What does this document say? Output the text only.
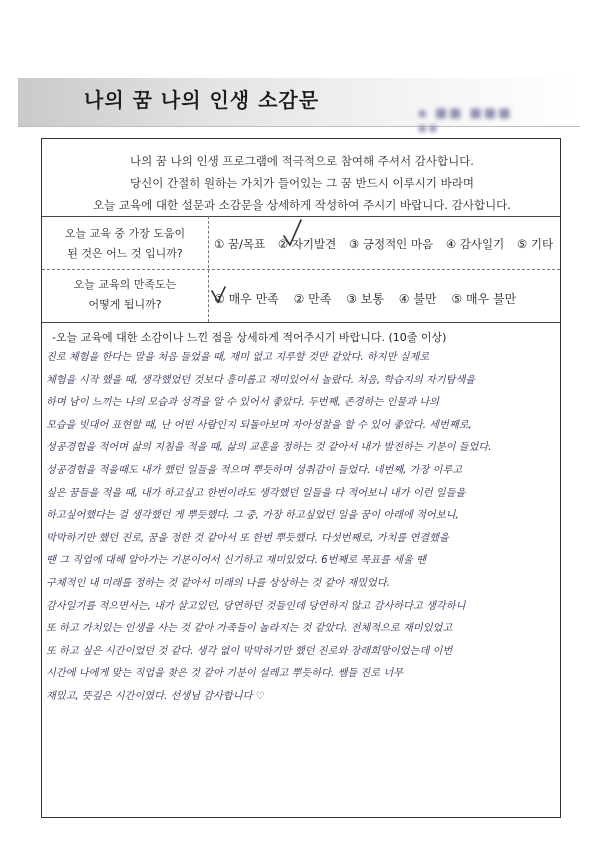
나의 꿈 나의 인생 소감문
▪ ■■ ■■■ ▪▪
나의 꿈 나의 인생 프로그램에 적극적으로 참여해 주셔서 감사합니다.
당신이 간절히 원하는 가치가 들어있는 그 꿈 반드시 이루시기 바라며
오늘 교육에 대한 설문과 소감문을 상세하게 작성하여 주시기 바랍니다. 감사합니다.
오늘 교육 중 가장 도움이
된 것은 어느 것 입니까?
① 꿈/목표 ② 자기발견 ③ 긍정적인 마음 ④ 감사일기 ⑤ 기타
오늘 교육의 만족도는
어떻게 됩니까?	① 매우 만족 ② 만족 ③ 보통 ④ 불만 ⑤ 매우 불만
-오늘 교육에 대한 소감이나 느낀 점을 상세하게 적어주시기 바랍니다. (10줄 이상)
진로 체험을 한다는 말을 처음 들었을 때, 재미 없고 지루할 것만 같았다. 하지만 실제로
체험을 시작 했을 때, 생각했었던 것보다 흥미롭고 재미있어서 놀랐다. 처음, 학습지의 자기탐색을
하며 남이 느끼는 나의 모습과 성격을 알 수 있어서 좋았다. 두번째, 존경하는 인물과 나의
모습을 빗대어 표현할 때, 난 어떤 사람인지 되돌아보며 자아성찰을 할 수 있어 좋았다. 세번째로,
성공경험을 적어며 삶의 지침을 적을 때, 삶의 교훈을 정하는 것 같아서 내가 발전하는 기분이 들었다.
성공경험을 적을때도 내가 했던 일들을 적으며 뿌듯하며 성취감이 들었다. 네번째, 가장 이루고
싶은 꿈들을 적을 때, 내가 하고싶고 한번이라도 생각했던 일들을 다 적어보니 내가 이런 일들을
하고싶어했다는 걸 생각했던 게 뿌듯했다. 그 중, 가장 하고싶었던 일을 꿈이 아래에 적어보니,
막막하기만 했던 진로, 꿈을 정한 것 같아서 또 한번 뿌듯했다. 다섯번째로, 가치를 연결했을
땐 그 직업에 대해 알아가는 기분이어서 신기하고 재미있었다. 6번째로 목표를 세울 땐
구체적인 내 미래를 정하는 것 같아서 미래의 나를 상상하는 것 같아 재밌었다.
감사일기를 적으면서는, 내가 살고있던, 당연하던 것들인데 당연하지 않고 감사하다고 생각하니
또 하고 가치있는 인생을 사는 것 같아 가족들이 놀라지는 것 같았다. 전체적으로 재미있었고
또 하고 싶은 시간이었던 것 같다. 생각 없이 막막하기만 했던 진로와 장래희망이었는데 이번
시간에 나에게 맞는 직업을 찾은 것 같아 기분이 설레고 뿌듯하다. 쌤들 진로 너무
재밌고, 뜻깊은 시간이였다. 선생님 감사합니다 ♡
